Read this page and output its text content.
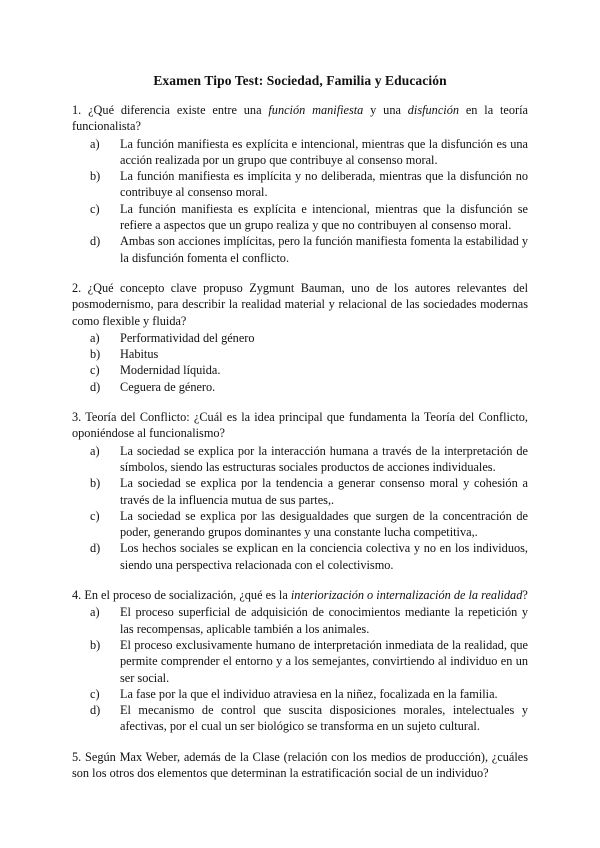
Examen Tipo Test: Sociedad, Familia y Educación

1. ¿Qué diferencia existe entre una función manifiesta y una disfunción en la teoría funcionalista?

a)	La función manifiesta es explícita e intencional, mientras que la disfunción es una acción realizada por un grupo que contribuye al consenso moral.
b)	La función manifiesta es implícita y no deliberada, mientras que la disfunción no contribuye al consenso moral.
c)	La función manifiesta es explícita e intencional, mientras que la disfunción se refiere a aspectos que un grupo realiza y que no contribuyen al consenso moral.
d)	Ambas son acciones implícitas, pero la función manifiesta fomenta la estabilidad y la disfunción fomenta el conflicto.

2. ¿Qué concepto clave propuso Zygmunt Bauman, uno de los autores relevantes del posmodernismo, para describir la realidad material y relacional de las sociedades modernas como flexible y fluida?

a)	Performatividad del género
b)	Habitus
c)	Modernidad líquida.
d)	Ceguera de género.

3. Teoría del Conflicto: ¿Cuál es la idea principal que fundamenta la Teoría del Conflicto, oponiéndose al funcionalismo?

a)	La sociedad se explica por la interacción humana a través de la interpretación de símbolos, siendo las estructuras sociales productos de acciones individuales.
b)	La sociedad se explica por la tendencia a generar consenso moral y cohesión a través de la influencia mutua de sus partes,.
c)	La sociedad se explica por las desigualdades que surgen de la concentración de poder, generando grupos dominantes y una constante lucha competitiva,.
d)	Los hechos sociales se explican en la conciencia colectiva y no en los individuos, siendo una perspectiva relacionada con el colectivismo.

4. En el proceso de socialización, ¿qué es la interiorización o internalización de la realidad?

a)	El proceso superficial de adquisición de conocimientos mediante la repetición y las recompensas, aplicable también a los animales.
b)	El proceso exclusivamente humano de interpretación inmediata de la realidad, que permite comprender el entorno y a los semejantes, convirtiendo al individuo en un ser social.
c)	La fase por la que el individuo atraviesa en la niñez, focalizada en la familia.
d)	El mecanismo de control que suscita disposiciones morales, intelectuales y afectivas, por el cual un ser biológico se transforma en un sujeto cultural.

5. Según Max Weber, además de la Clase (relación con los medios de producción), ¿cuáles son los otros dos elementos que determinan la estratificación social de un individuo?
